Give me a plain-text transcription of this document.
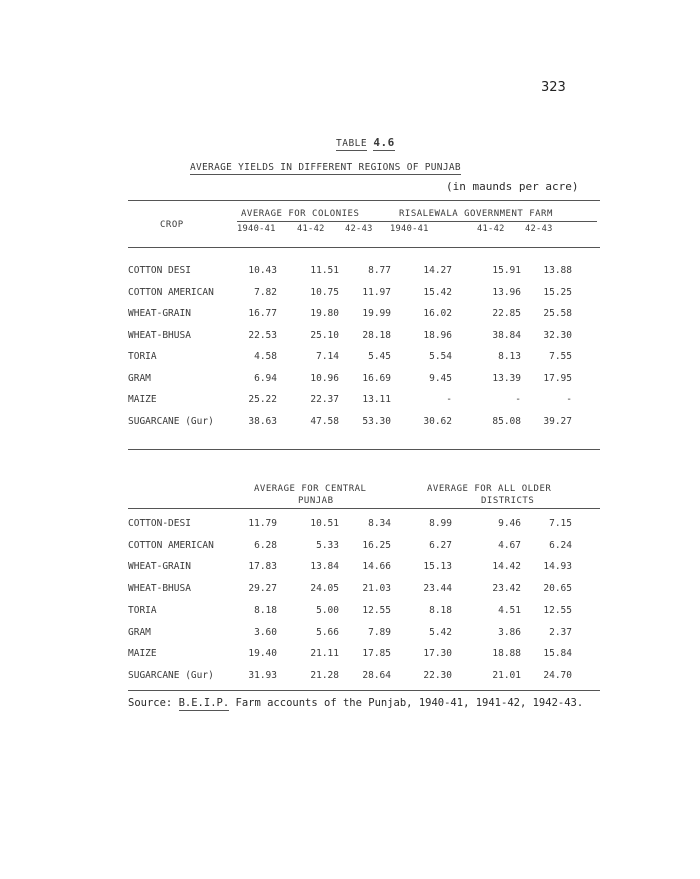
323
TABLE 4.6
AVERAGE YIELDS IN DIFFERENT REGIONS OF PUNJAB
(in maunds per acre)
CROP
AVERAGE FOR COLONIES	RISALEWALA GOVERNMENT FARM
1940-41 41-42 42-43 1940-41	41-42 42-43
COTTON DESI	10.43	11.51	8.77	14.27	15.91	13.88
COTTON AMERICAN	7.82	10.75	11.97	15.42	13.96	15.25
WHEAT-GRAIN	16.77	19.80	19.99	16.02	22.85	25.58
WHEAT-BHUSA	22.53	25.10	28.18	18.96	38.84	32.30
TORIA	4.58	7.14	5.45	5.54	8.13	7.55
GRAM	6.94	10.96	16.69	9.45	13.39	17.95
MAIZE	25.22	22.37	13.11	-	-	-
SUGARCANE (Gur)	38.63	47.58	53.30	30.62	85.08	39.27
AVERAGE FOR CENTRAL
PUNJAB
AVERAGE FOR ALL OLDER
DISTRICTS
COTTON-DESI	11.79	10.51	8.34	8.99	9.46	7.15
COTTON AMERICAN	6.28	5.33	16.25	6.27	4.67	6.24
WHEAT-GRAIN	17.83	13.84	14.66	15.13	14.42	14.93
WHEAT-BHUSA	29.27	24.05	21.03	23.44	23.42	20.65
TORIA	8.18	5.00	12.55	8.18	4.51	12.55
GRAM	3.60	5.66	7.89	5.42	3.86	2.37
MAIZE	19.40	21.11	17.85	17.30	18.88	15.84
SUGARCANE (Gur)	31.93	21.28	28.64	22.30	21.01	24.70
Source: B.E.I.P. Farm accounts of the Punjab, 1940-41, 1941-42, 1942-43.
